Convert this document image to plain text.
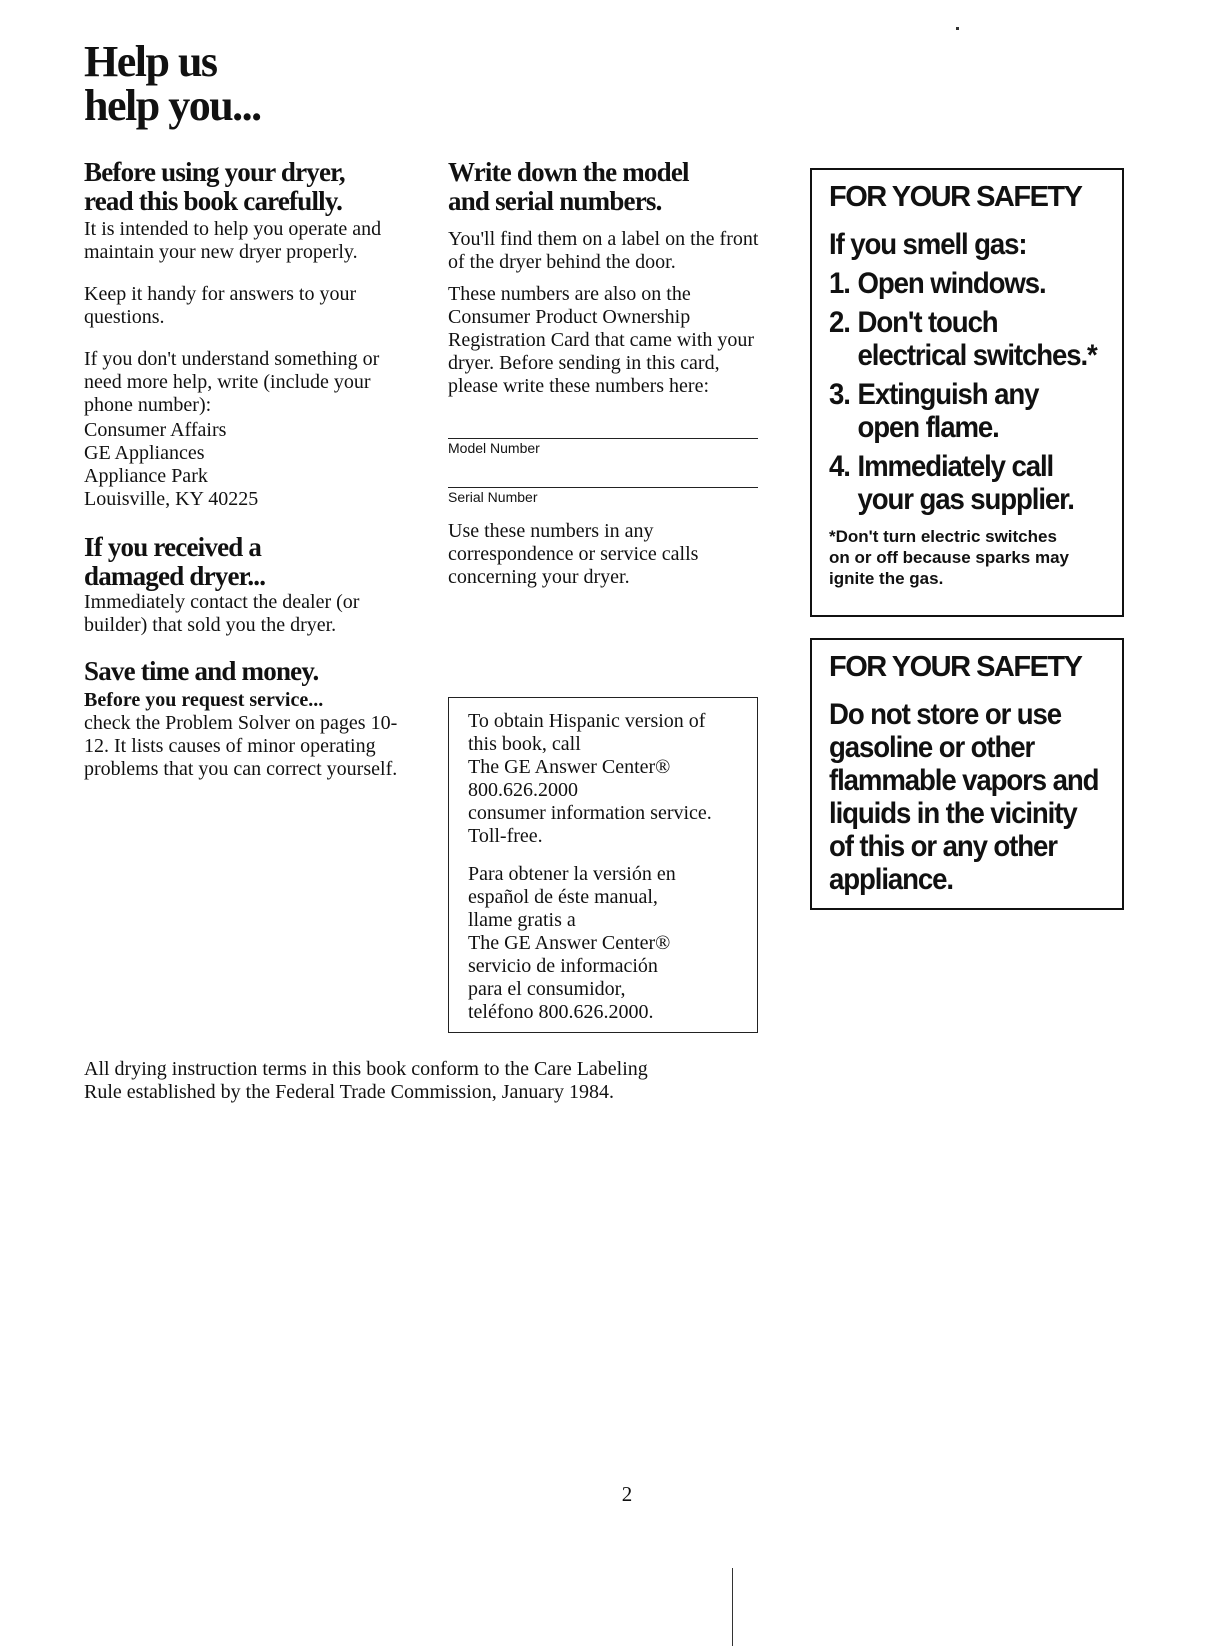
Help us
help you...
Before using your dryer,
read this book carefully.

It is intended to help you operate and maintain your new dryer properly.

Keep it handy for answers to your questions.

If you don't understand something or need more help, write (include your phone number):

Consumer Affairs
GE Appliances
Appliance Park
Louisville, KY 40225
If you received a
damaged dryer...

Immediately contact the dealer (or builder) that sold you the dryer.

Save time and money.

Before you request service...

check the Problem Solver on pages 10-12. It lists causes of minor operating problems that you can correct yourself.

Write down the model
and serial numbers.

You'll find them on a label on the front of the dryer behind the door.

These numbers are also on the Consumer Product Ownership Registration Card that came with your dryer. Before sending in this card, please write these numbers here:

Model Number
Serial Number

Use these numbers in any correspondence or service calls concerning your dryer.

To obtain Hispanic version of
this book, call
The GE Answer Center®
800.626.2000
consumer information service.
Toll-free.

Para obtener la versión en
español de éste manual,
llame gratis a
The GE Answer Center®
servicio de información
para el consumidor,
teléfono 800.626.2000.

FOR YOUR SAFETY

If you smell gas:

1. Open windows.
2. Don't touch
electrical switches.*
3. Extinguish any
open flame.
4. Immediately call
your gas supplier.

*Don't turn electric switches
on or off because sparks may
ignite the gas.

FOR YOUR SAFETY

Do not store or use
gasoline or other
flammable vapors and
liquids in the vicinity
of this or any other
appliance.

All drying instruction terms in this book conform to the Care Labeling
Rule established by the Federal Trade Commission, January 1984.
2
